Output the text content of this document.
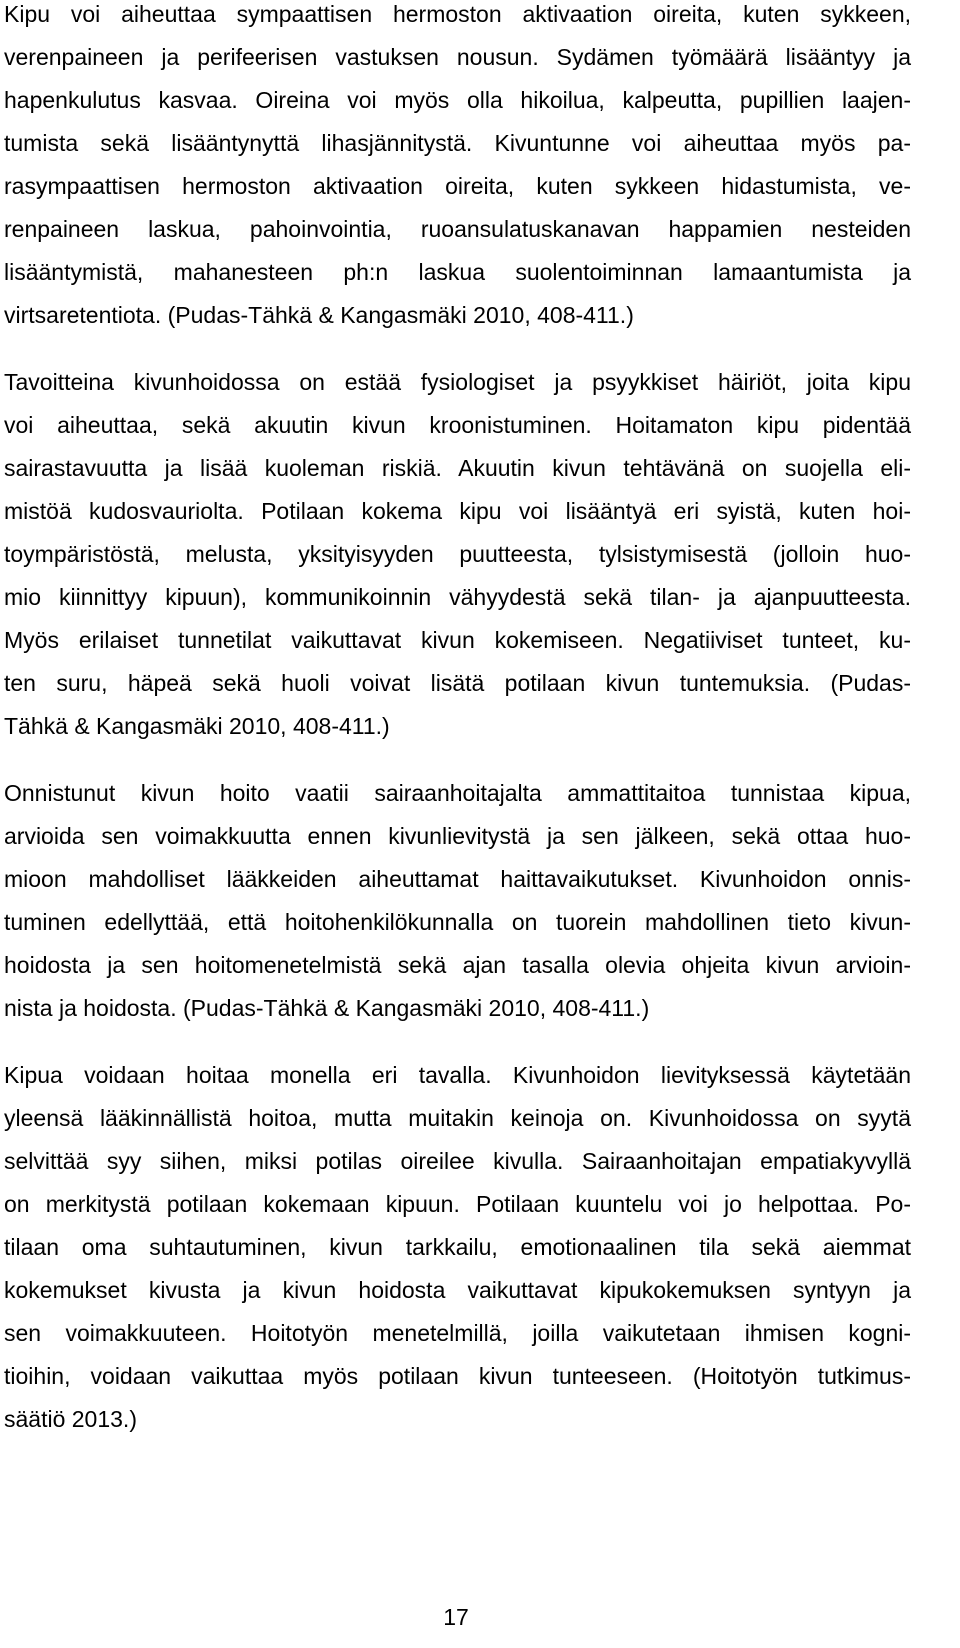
Kipu voi aiheuttaa sympaattisen hermoston aktivaation oireita, kuten sykkeen,
verenpaineen ja perifeerisen vastuksen nousun. Sydämen työmäärä lisääntyy ja
hapenkulutus kasvaa. Oireina voi myös olla hikoilua, kalpeutta, pupillien laajen-
tumista sekä lisääntynyttä lihasjännitystä. Kivuntunne voi aiheuttaa myös pa-
rasympaattisen hermoston aktivaation oireita, kuten sykkeen hidastumista, ve-
renpaineen laskua, pahoinvointia, ruoansulatuskanavan happamien nesteiden
lisääntymistä, mahanesteen ph:n laskua suolentoiminnan lamaantumista ja
virtsaretentiota. (Pudas-Tähkä & Kangasmäki 2010, 408-411.)
Tavoitteina kivunhoidossa on estää fysiologiset ja psyykkiset häiriöt, joita kipu
voi aiheuttaa, sekä akuutin kivun kroonistuminen. Hoitamaton kipu pidentää
sairastavuutta ja lisää kuoleman riskiä. Akuutin kivun tehtävänä on suojella eli-
mistöä kudosvauriolta. Potilaan kokema kipu voi lisääntyä eri syistä, kuten hoi-
toympäristöstä, melusta, yksityisyyden puutteesta, tylsistymisestä (jolloin huo-
mio kiinnittyy kipuun), kommunikoinnin vähyydestä sekä tilan- ja ajanpuutteesta.
Myös erilaiset tunnetilat vaikuttavat kivun kokemiseen. Negatiiviset tunteet, ku-
ten suru, häpeä sekä huoli voivat lisätä potilaan kivun tuntemuksia. (Pudas-
Tähkä & Kangasmäki 2010, 408-411.)
Onnistunut kivun hoito vaatii sairaanhoitajalta ammattitaitoa tunnistaa kipua,
arvioida sen voimakkuutta ennen kivunlievitystä ja sen jälkeen, sekä ottaa huo-
mioon mahdolliset lääkkeiden aiheuttamat haittavaikutukset. Kivunhoidon onnis-
tuminen edellyttää, että hoitohenkilökunnalla on tuorein mahdollinen tieto kivun-
hoidosta ja sen hoitomenetelmistä sekä ajan tasalla olevia ohjeita kivun arvioin-
nista ja hoidosta. (Pudas-Tähkä & Kangasmäki 2010, 408-411.)
Kipua voidaan hoitaa monella eri tavalla. Kivunhoidon lievityksessä käytetään
yleensä lääkinnällistä hoitoa, mutta muitakin keinoja on. Kivunhoidossa on syytä
selvittää syy siihen, miksi potilas oireilee kivulla. Sairaanhoitajan empatiakyvyllä
on merkitystä potilaan kokemaan kipuun. Potilaan kuuntelu voi jo helpottaa. Po-
tilaan oma suhtautuminen, kivun tarkkailu, emotionaalinen tila sekä aiemmat
kokemukset kivusta ja kivun hoidosta vaikuttavat kipukokemuksen syntyyn ja
sen voimakkuuteen. Hoitotyön menetelmillä, joilla vaikutetaan ihmisen kogni-
tioihin, voidaan vaikuttaa myös potilaan kivun tunteeseen. (Hoitotyön tutkimus-
säätiö 2013.)
17
